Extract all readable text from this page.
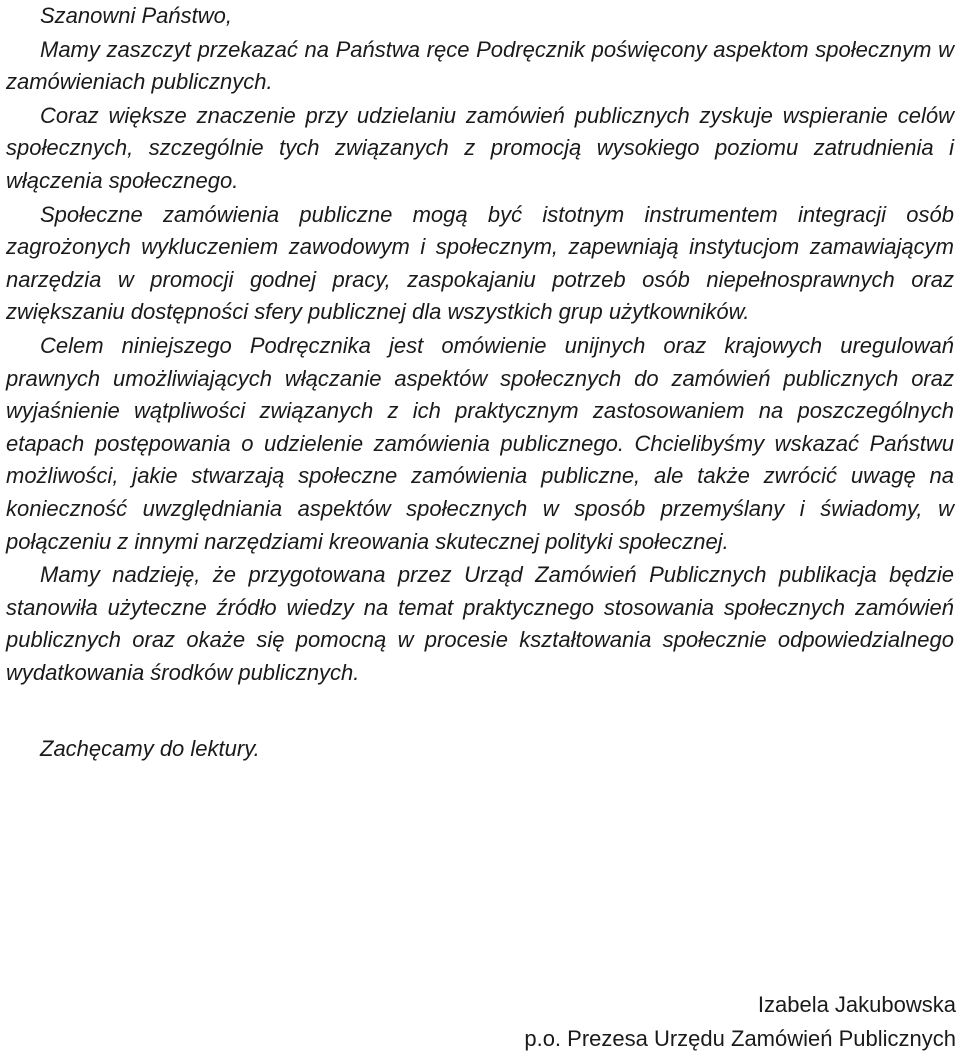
Szanowni Państwo,

Mamy zaszczyt przekazać na Państwa ręce Podręcznik poświęcony aspektom społecznym w zamówieniach publicznych.

Coraz większe znaczenie przy udzielaniu zamówień publicznych zyskuje wspieranie celów społecznych, szczególnie tych związanych z promocją wysokiego poziomu zatrudnienia i włączenia społecznego.

Społeczne zamówienia publiczne mogą być istotnym instrumentem integracji osób zagrożonych wykluczeniem zawodowym i społecznym, zapewniają instytucjom zamawiającym narzędzia w promocji godnej pracy, zaspokajaniu potrzeb osób niepełnosprawnych oraz zwiększaniu dostępności sfery publicznej dla wszystkich grup użytkowników.

Celem niniejszego Podręcznika jest omówienie unijnych oraz krajowych uregulowań prawnych umożliwiających włączanie aspektów społecznych do zamówień publicznych oraz wyjaśnienie wątpliwości związanych z ich praktycznym zastosowaniem na poszczególnych etapach postępowania o udzielenie zamówienia publicznego. Chcielibyśmy wskazać Państwu możliwości, jakie stwarzają społeczne zamówienia publiczne, ale także zwrócić uwagę na konieczność uwzględniania aspektów społecznych w sposób przemyślany i świadomy, w połączeniu z innymi narzędziami kreowania skutecznej polityki społecznej.

Mamy nadzieję, że przygotowana przez Urząd Zamówień Publicznych publikacja będzie stanowiła użyteczne źródło wiedzy na temat praktycznego stosowania społecznych zamówień publicznych oraz okaże się pomocną w procesie kształtowania społecznie odpowiedzialnego wydatkowania środków publicznych.

Zachęcamy do lektury.

Izabela Jakubowska
p.o. Prezesa Urzędu Zamówień Publicznych
